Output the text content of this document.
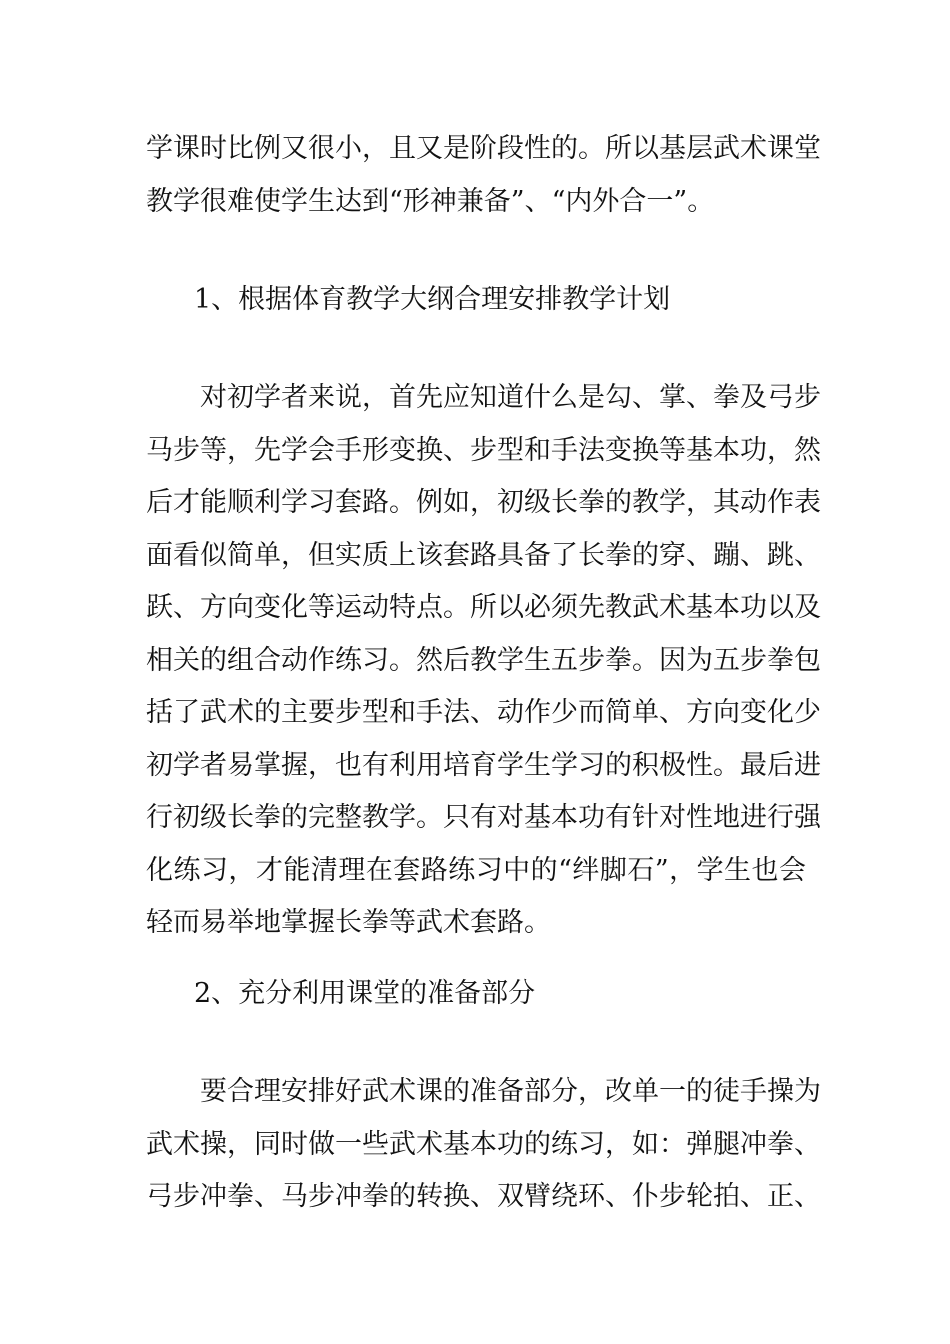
学课时比例又很小，且又是阶段性的。所以基层武术课堂
教学很难使学生达到“形神兼备”、“内外合一”。
1、根据体育教学大纲合理安排教学计划
　　对初学者来说，首先应知道什么是勾、掌、拳及弓步
马步等，先学会手形变换、步型和手法变换等基本功，然
后才能顺利学习套路。例如，初级长拳的教学，其动作表
面看似简单，但实质上该套路具备了长拳的穿、蹦、跳、
跃、方向变化等运动特点。所以必须先教武术基本功以及
相关的组合动作练习。然后教学生五步拳。因为五步拳包
括了武术的主要步型和手法、动作少而简单、方向变化少
初学者易掌握，也有利用培育学生学习的积极性。最后进
行初级长拳的完整教学。只有对基本功有针对性地进行强
化练习，才能清理在套路练习中的“绊脚石”，学生也会
轻而易举地掌握长拳等武术套路。
2、充分利用课堂的准备部分
　　要合理安排好武术课的准备部分，改单一的徒手操为
武术操，同时做一些武术基本功的练习，如：弹腿冲拳、
弓步冲拳、马步冲拳的转换、双臂绕环、仆步轮拍、正、
